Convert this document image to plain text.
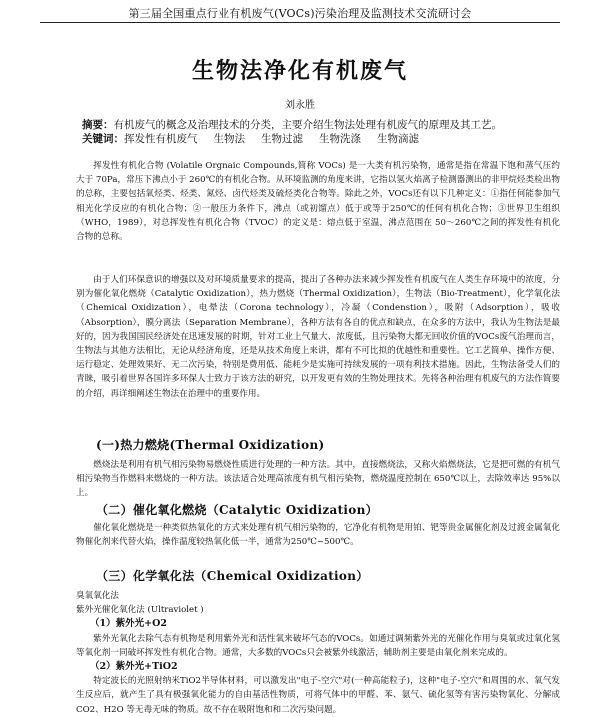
第三届全国重点行业有机废气(VOCs)污染治理及监测技术交流研讨会
生物法净化有机废气
刘永胜
摘要：有机废气的概念及治理技术的分类，主要介绍生物法处理有机废气的原理及其工艺。
关键词：挥发性有机废气 生物法 生物过滤 生物洗涤 生物滴滤

挥发性有机化合物 (Volatile Orgnaic Compounds,简称 VOCs) 是一大类有机污染物，通常是指在常温下饱和蒸气压约大于 70Pa，常压下沸点小于 260℃的有机化合物。从环境监测的角度来讲，它指以氢火焰离子检测器测出的非甲烷烃类检出物的总称，主要包括氧烃类、烃类、氮烃、卤代烃类及硫烃类化合物等。除此之外，VOCs还有以下几种定义：①指任何能参加气相光化学反应的有机化合物；②一般压力条件下，沸点（或初馏点）低于或等于250℃的任何有机化合物；③世界卫生组织（WHO，1989），对总挥发性有机化合物（TVOC）的定义是：熔点低于室温，沸点范围在 50～260℃之间的挥发性有机化合物的总称。

由于人们环保意识的增强以及对环境质量要求的提高，提出了各种办法来减少挥发性有机废气在人类生存环境中的浓度，分别为催化氧化燃烧（Catalytic Oxidization），热力燃烧（Thermal Oxidization），生物法（Bio-Treatment），化学氧化法（Chemical Oxidization），电晕法（Corona technology），冷凝（Condenstion），吸附（Adsorption），吸收（Absorption），膜分离法（Separation Membrane），各种方法有各自的优点和缺点，在众多的方法中，我认为生物法是最好的，因为我国国民经济处在迅速发展的时期，针对工业上气量大、浓度低，且污染物大都无回收价值的VOCs废气治理而言，生物法与其他方法相比，无论从经济角度，还是从技术角度上来讲，都有不可比拟的优越性和重要性。它工艺简单、操作方便、运行稳定、处理效果好、无二次污染，特别是费用低、能耗少是实施可持续发展的一项有利技术措施。因此，生物法备受人们的青睐，吸引着世界各国许多环保人士致力于该方法的研究，以开发更有效的生物处理技术。先将各种治理有机废气的方法作简要的介绍，再详细阐述生物法在治理中的重要作用。

(一)热力燃烧(Thermal Oxidization)

燃烧法是利用有机气相污染物易燃烧性质进行处理的一种方法。其中，直接燃烧法，又称火焰燃烧法，它是把可燃的有机气相污染物当作燃料来燃烧的一种方法。该法适合处理高浓度有机气相污染物，燃烧温度控制在 650℃以上，去除效率达 95%以上。

（二）催化氧化燃烧（Catalytic Oxidization）

催化氧化燃烧是一种类似热氧化的方式来处理有机气相污染物的，它净化有机物是用铂、钯等贵金属催化剂及过渡金属氧化物催化剂来代替火焰，操作温度较热氧化低一半，通常为250℃~500℃。

（三）化学氧化法（Chemical Oxidization）
臭氧氧化法
紫外光催化氧化法 (Ultraviolet )
（1）紫外光+O2
紫外光氧化去除气态有机物是利用紫外光和活性氧来破坏气态的VOCs。如通过调频紫外光的光催化作用与臭氧或过氧化氢等氧化剂一同破坏挥发性有机化合物。通常，大多数的VOCs只会被紫外线激活，辅助剂主要是由氧化剂来完成的。
（2）紫外光+TiO2
特定波长的光照射纳米TiO2半导体材料，可以激发出"电子-空穴"对(一种高能粒子)，这种"电子-空穴"和周围的水、氧气发生反应后，就产生了具有极强氧化能力的自由基活性物质，可将气体中的甲醛、苯、氨气、硫化氢等有害污染物氧化、分解成 CO2、H2O 等无毒无味的物质。故不存在吸附饱和和二次污染问题。
